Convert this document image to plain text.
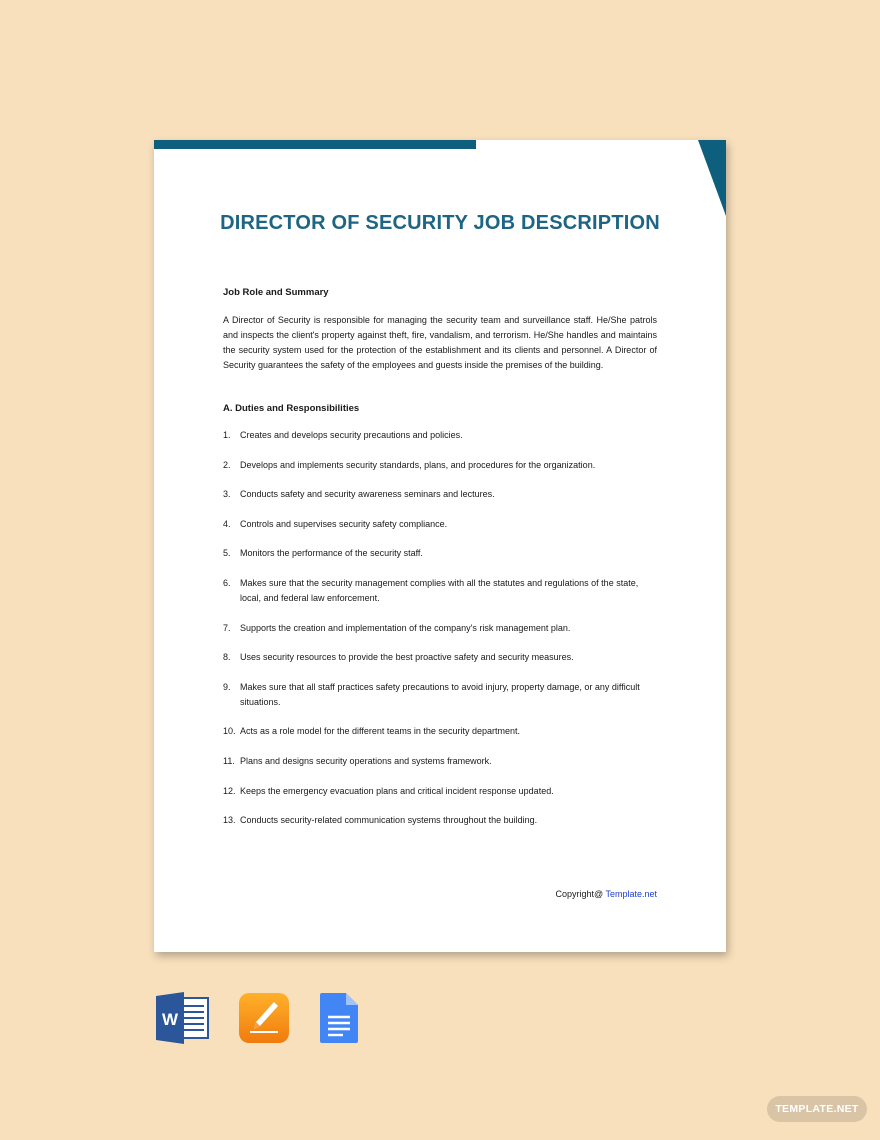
DIRECTOR OF SECURITY JOB DESCRIPTION

Job Role and Summary

A Director of Security is responsible for managing the security team and surveillance staff. He/She patrols and inspects the client's property against theft, fire, vandalism, and terrorism. He/She handles and maintains the security system used for the protection of the establishment and its clients and personnel. A Director of Security guarantees the safety of the employees and guests inside the premises of the building.

A. Duties and Responsibilities

1.	Creates and develops security precautions and policies.
2.	Develops and implements security standards, plans, and procedures for the organization.
3.	Conducts safety and security awareness seminars and lectures.
4.	Controls and supervises security safety compliance.
5.	Monitors the performance of the security staff.
6.	Makes sure that the security management complies with all the statutes and regulations of the state, local, and federal law enforcement.
7.	Supports the creation and implementation of the company's risk management plan.
8.	Uses security resources to provide the best proactive safety and security measures.
9.	Makes sure that all staff practices safety precautions to avoid injury, property damage, or any difficult situations.
10. Acts as a role model for the different teams in the security department.
11. Plans and designs security operations and systems framework.
12. Keeps the emergency evacuation plans and critical incident response updated.
13. Conducts security-related communication systems throughout the building.
Copyright@ Template.net
W
TEMPLATE.NET
